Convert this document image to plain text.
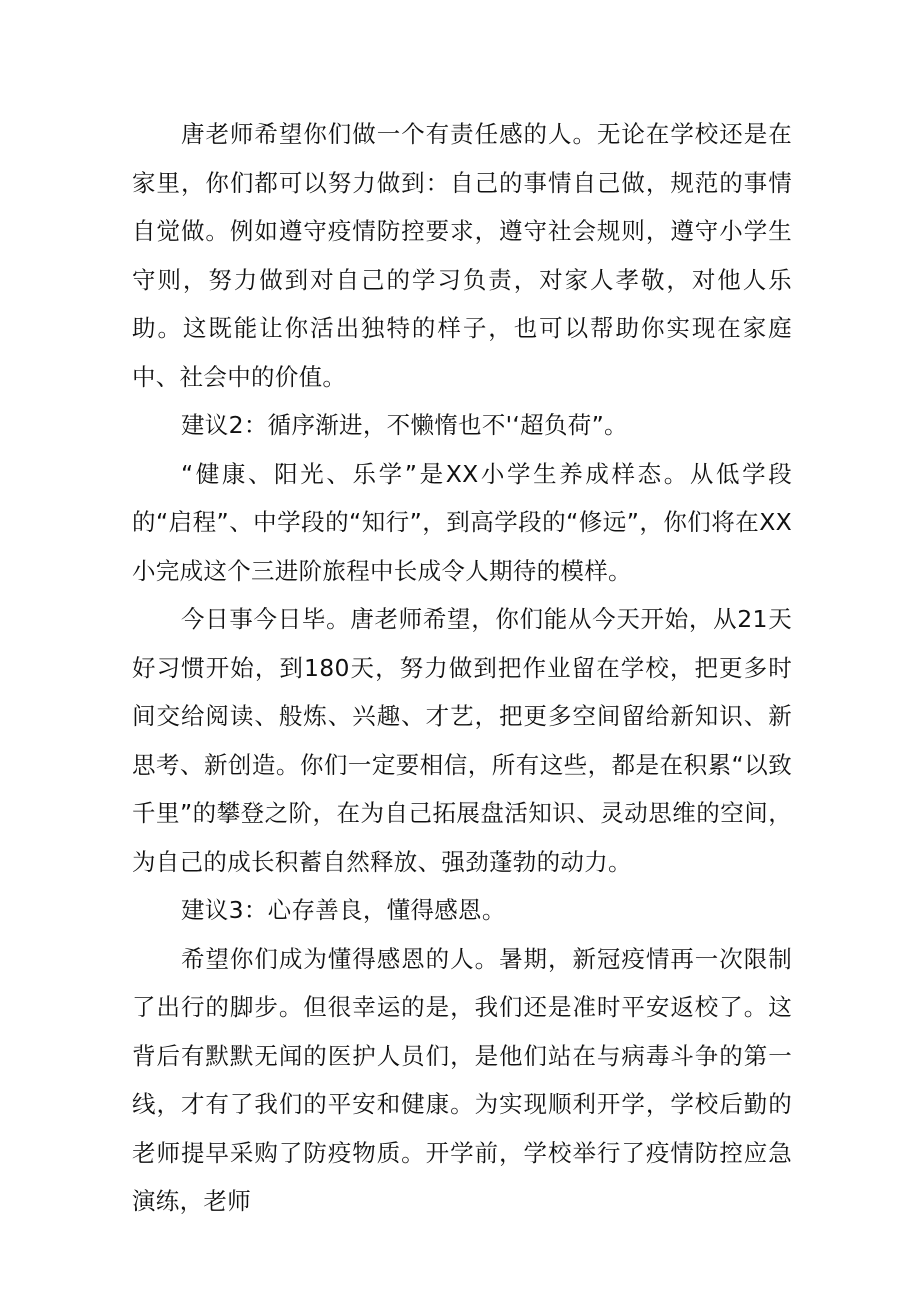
唐老师希望你们做一个有责任感的人。无论在学校还是在家里，你们都可以努力做到：自己的事情自己做，规范的事情自觉做。例如遵守疫情防控要求，遵守社会规则，遵守小学生守则，努力做到对自己的学习负责，对家人孝敬，对他人乐助。这既能让你活出独特的样子，也可以帮助你实现在家庭中、社会中的价值。

建议2：循序渐进，不懒惰也不'‘超负荷”。

“健康、阳光、乐学”是XX小学生养成样态。从低学段的“启程”、中学段的“知行”，到高学段的“修远”，你们将在XX小完成这个三进阶旅程中长成令人期待的模样。

今日事今日毕。唐老师希望，你们能从今天开始，从21天好习惯开始，到180天，努力做到把作业留在学校，把更多时间交给阅读、般炼、兴趣、才艺，把更多空间留给新知识、新思考、新创造。你们一定要相信，所有这些，都是在积累“以致千里”的攀登之阶，在为自己拓展盘活知识、灵动思维的空间，为自己的成长积蓄自然释放、强劲蓬勃的动力。

建议3：心存善良，懂得感恩。

希望你们成为懂得感恩的人。暑期，新冠疫情再一次限制了出行的脚步。但很幸运的是，我们还是准时平安返校了。这背后有默默无闻的医护人员们，是他们站在与病毒斗争的第一线，才有了我们的平安和健康。为实现顺利开学，学校后勤的老师提早采购了防疫物质。开学前，学校举行了疫情防控应急演练，老师
